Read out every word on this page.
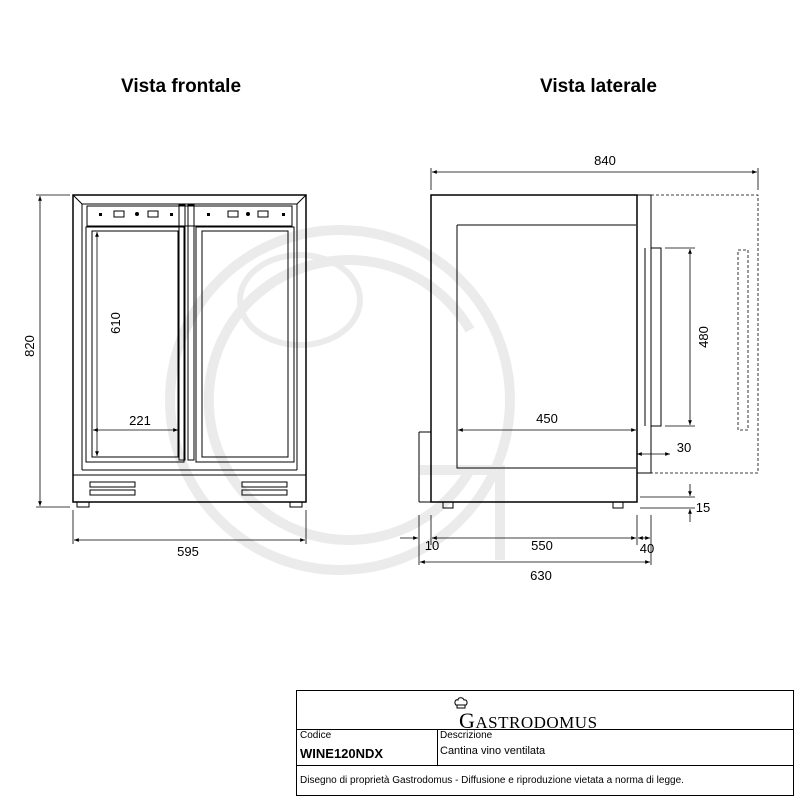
Vista frontale	Vista laterale
820
595
610
221
840
480
450
30
15
10	550	40
630
GASTRODOMUS
Codice
WINE120NDX
Descrizione
Cantina vino ventilata
Disegno di proprietà Gastrodomus - Diffusione e riproduzione vietata a norma di legge.
